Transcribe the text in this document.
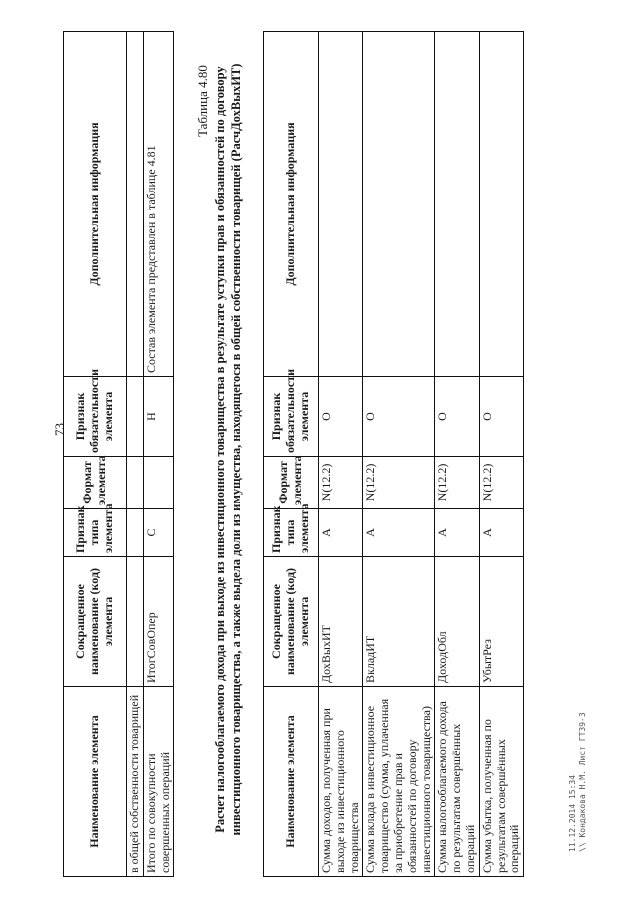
73
Наименование элемента	Сокращенное наименование (код) элемента	Признак типа элемента	Формат элемента	Признак обязательности элемента	Дополнительная информация
в общей собственности товарищей					
Итого по совокупности совершенных операций	ИтогСовОпер	С		Н	Состав элемента представлен в таблице 4.81
Таблица 4.80 Расчет налогооблагаемого дохода при выходе из инвестиционного товарищества в результате уступки прав и обязанностей по договору инвестиционного товарищества, а также выдела доли из имущества, находящегося в общей собственности товарищей (РасчДохВыхИТ)	Наименование элемента	Сокращенное наименование (код) элемента	Признак типа элемента	Формат элемента	Признак обязательности элемента	Дополнительная информация
Сумма доходов, полученная при выходе из инвестиционного товарищества	ДохВыхИТ	А	N(12.2)	О	
Сумма вклада в инвестиционное товарищество (сумма, уплаченная за приобретение прав и обязанностей по договору инвестиционного товарищества)	ВкладИТ	А	N(12.2)	О	
Сумма налогооблагаемого дохода по результатам совершённых операций	ДоходОбл	А	N(12.2)	О	
Сумма убытка, полученная по результатам совершённых операций	УбытРез	А	N(12.2)	О	
11.12.2014 15:34 \\ Кондакова Н.М. Лист ГТ39-3
